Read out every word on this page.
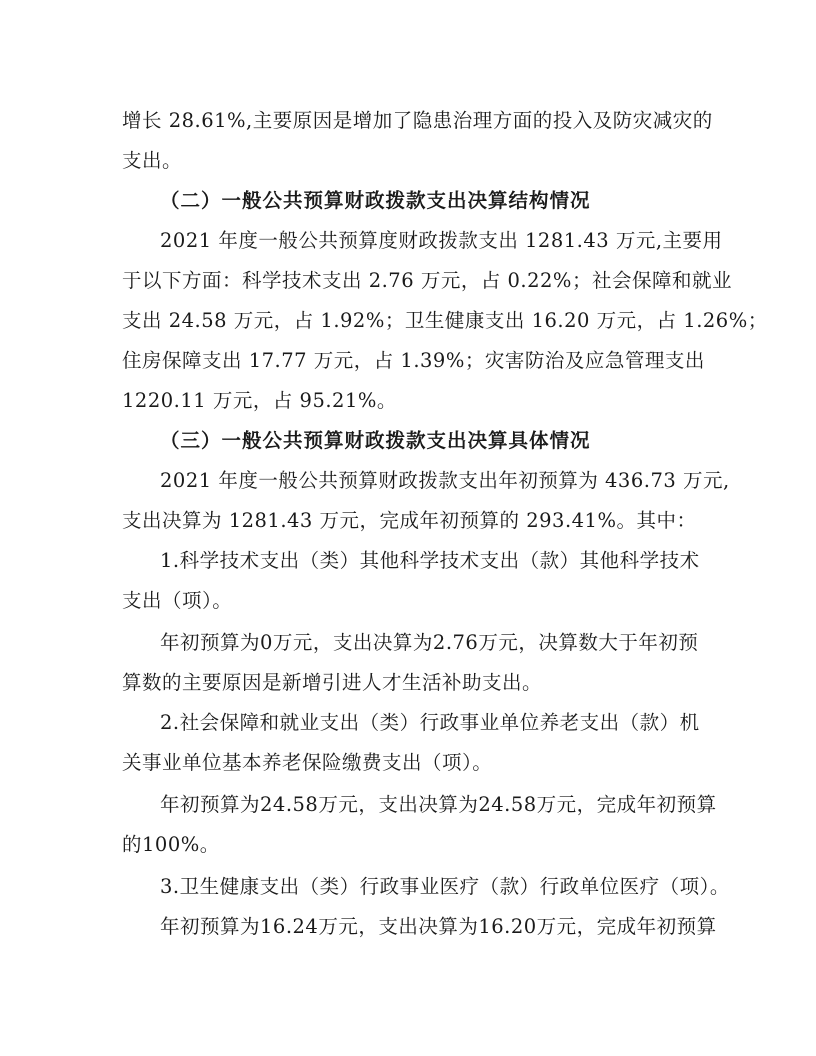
增长 28.61%,主要原因是增加了隐患治理方面的投入及防灾减灾的
支出。
（二）一般公共预算财政拨款支出决算结构情况
2021 年度一般公共预算度财政拨款支出 1281.43 万元,主要用
于以下方面：科学技术支出 2.76 万元，占 0.22%；社会保障和就业
支出 24.58 万元，占 1.92%；卫生健康支出 16.20 万元，占 1.26%；
住房保障支出 17.77 万元，占 1.39%；灾害防治及应急管理支出
1220.11 万元，占 95.21%。
（三）一般公共预算财政拨款支出决算具体情况
2021 年度一般公共预算财政拨款支出年初预算为 436.73 万元,
支出决算为 1281.43 万元，完成年初预算的 293.41%。其中：
1.科学技术支出（类）其他科学技术支出（款）其他科学技术
支出（项）。
年初预算为0万元，支出决算为2.76万元，决算数大于年初预
算数的主要原因是新增引进人才生活补助支出。
2.社会保障和就业支出（类）行政事业单位养老支出（款）机
关事业单位基本养老保险缴费支出（项）。
年初预算为24.58万元，支出决算为24.58万元，完成年初预算
的100%。
3.卫生健康支出（类）行政事业医疗（款）行政单位医疗（项）。
年初预算为16.24万元，支出决算为16.20万元，完成年初预算
